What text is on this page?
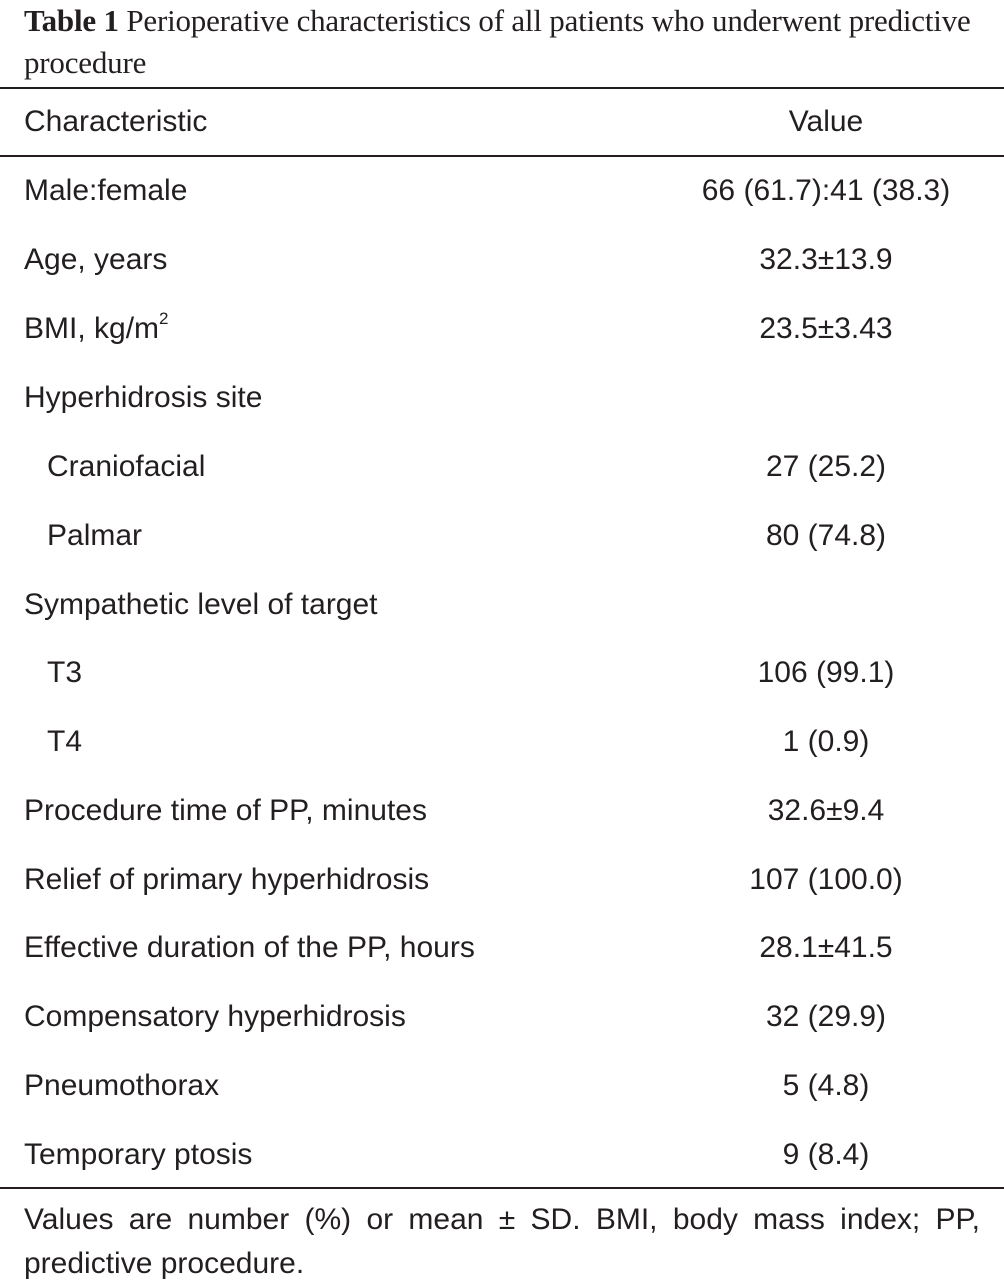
Table 1 Perioperative characteristics of all patients who underwent predictive procedure
Characteristic	Value
Male:female	66 (61.7):41 (38.3)
Age, years	32.3±13.9
BMI, $kg/m^2$	23.5±3.43
Hyperhidrosis site
Craniofacial	27 (25.2)
Palmar	80 (74.8)
Sympathetic level of target
T3	106 (99.1)
T4	1 (0.9)
Procedure time of PP, minutes	32.6±9.4
Relief of primary hyperhidrosis	107 (100.0)
Effective duration of the PP, hours	28.1±41.5
Compensatory hyperhidrosis	32 (29.9)
Pneumothorax	5 (4.8)
Temporary ptosis	9 (8.4)
Values are number (%) or mean ± SD. BMI, body mass index; PP, predictive procedure.
